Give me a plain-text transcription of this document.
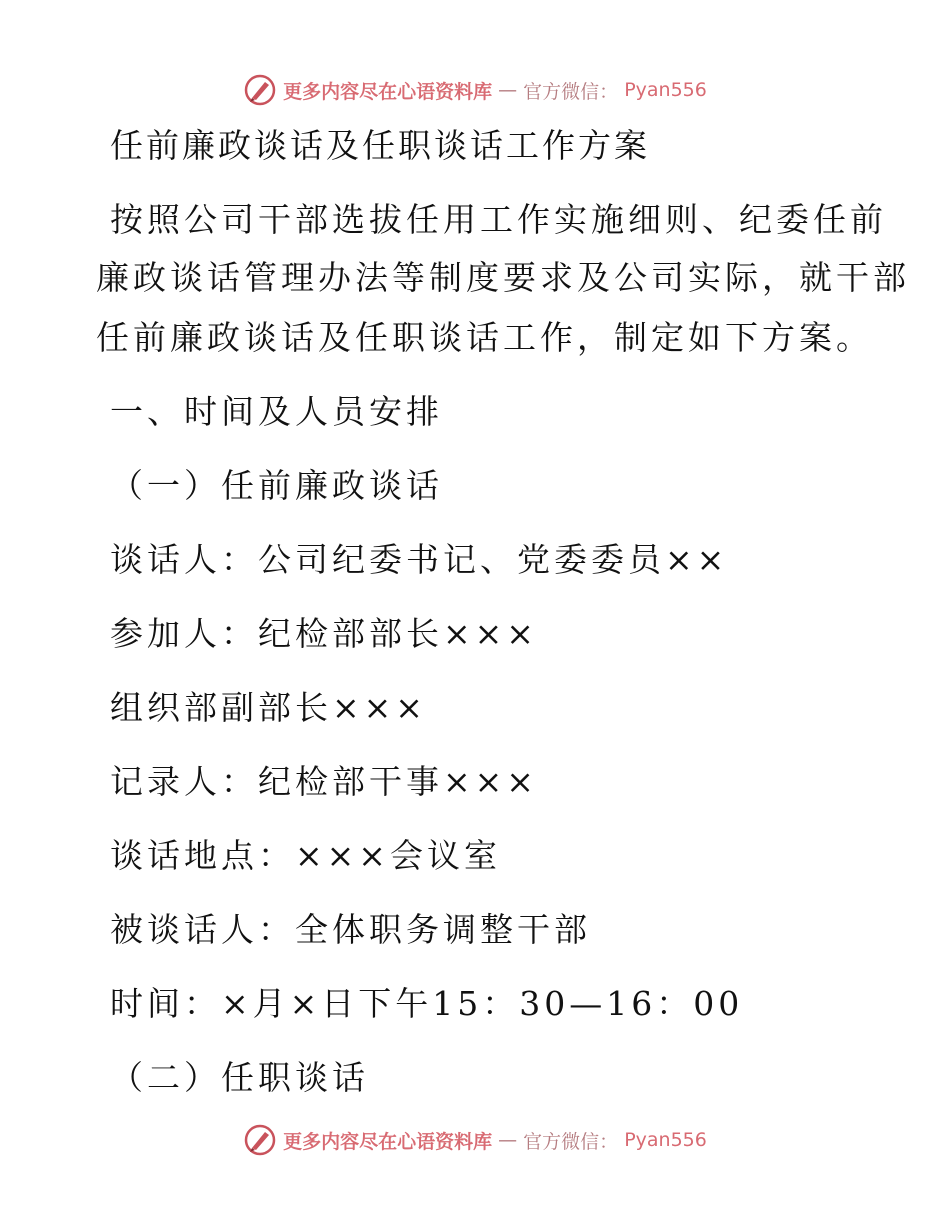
更多内容尽在心语资料库 — 官方微信： Pyan556
任前廉政谈话及任职谈话工作方案
按照公司干部选拔任用工作实施细则、纪委任前
廉政谈话管理办法等制度要求及公司实际，就干部
任前廉政谈话及任职谈话工作，制定如下方案。
一、时间及人员安排
（一）任前廉政谈话
谈话人：公司纪委书记、党委委员××
参加人：纪检部部长×××
组织部副部长×××
记录人：纪检部干事×××
谈话地点：×××会议室
被谈话人：全体职务调整干部
时间：×月×日下午15：30—16：00
（二）任职谈话
更多内容尽在心语资料库 — 官方微信： Pyan556
